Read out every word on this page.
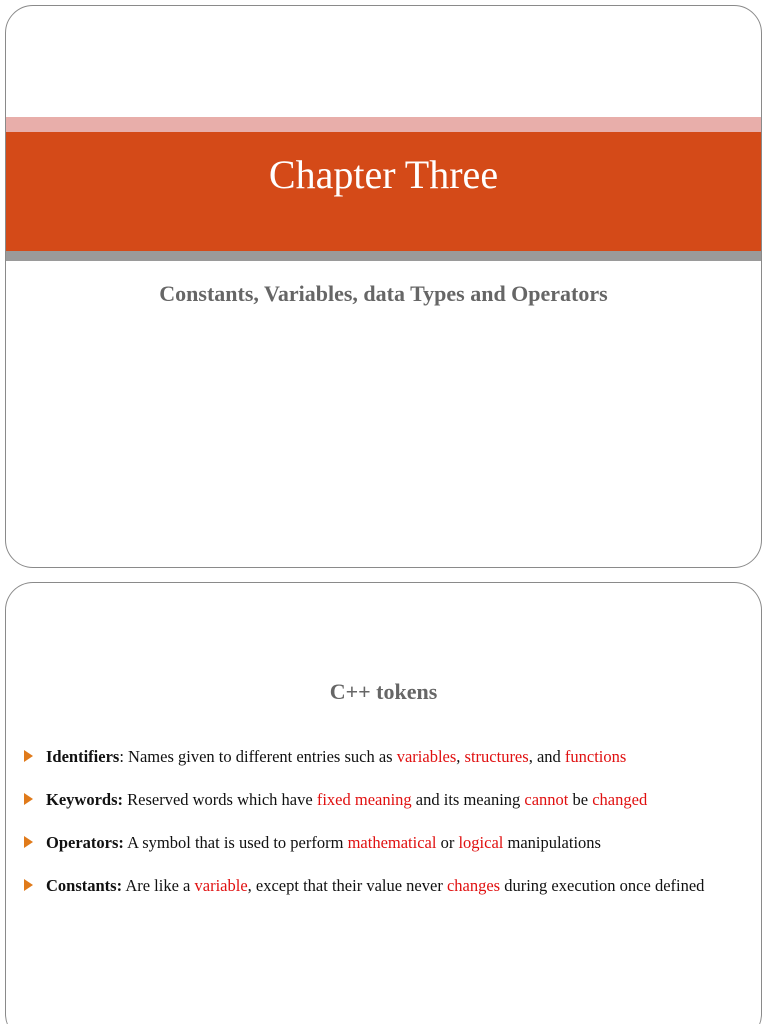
Chapter Three
Constants, Variables, data Types and Operators
C++ tokens
Identifiers: Names given to different entries such as variables, structures, and functions
Keywords: Reserved words which have fixed meaning and its meaning cannot be changed
Operators: A symbol that is used to perform mathematical or logical manipulations
Constants: Are like a variable, except that their value never changes during execution once defined
